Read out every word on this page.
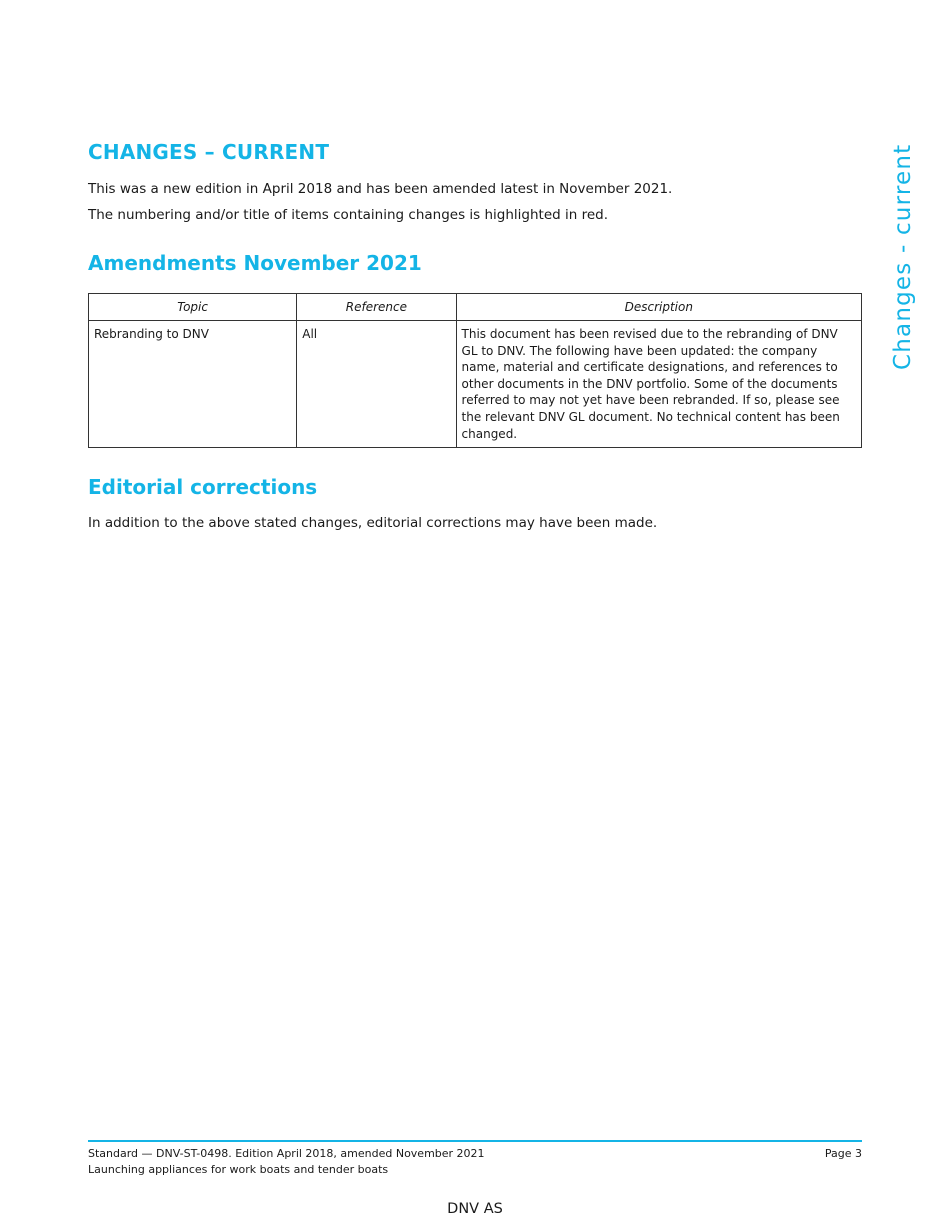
CHANGES – CURRENT

This was a new edition in April 2018 and has been amended latest in November 2021.

The numbering and/or title of items containing changes is highlighted in red.

Amendments November 2021
Topic	Reference	Description
Rebranding to DNV	All	This document has been revised due to the rebranding of DNV GL to DNV. The following have been updated: the company name, material and certificate designations, and references to other documents in the DNV portfolio. Some of the documents referred to may not yet have been rebranded. If so, please see the relevant DNV GL document. No technical content has been changed.
Editorial corrections

In addition to the above stated changes, editorial corrections may have been made.

Changes - current
Standard — DNV-ST-0498. Edition April 2018, amended November 2021
Launching appliances for work boats and tender boats
Page 3
DNV AS
